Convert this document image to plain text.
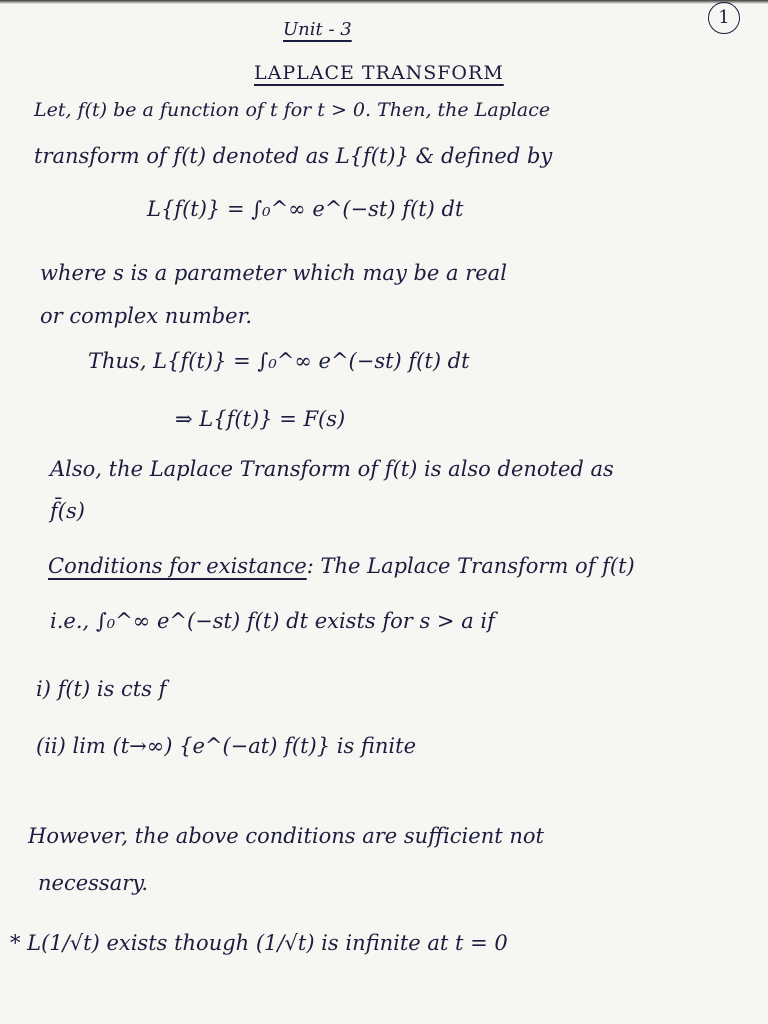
1
Unit - 3
LAPLACE TRANSFORM
Let, f(t) be a function of t for t > 0. Then, the Laplace
transform of f(t) denoted as L{f(t)} & defined by
L{f(t)} = ∫₀^∞ e^(−st) f(t) dt
where s is a parameter which may be a real
or complex number.
Thus, L{f(t)} = ∫₀^∞ e^(−st) f(t) dt
⇒ L{f(t)} = F(s)
Also, the Laplace Transform of f(t) is also denoted as
f̄(s)
Conditions for existance: The Laplace Transform of f(t)
i.e., ∫₀^∞ e^(−st) f(t) dt exists for s > a if
i) f(t) is cts f
(ii) lim (t→∞) {e^(−at) f(t)} is finite
However, the above conditions are sufficient not
necessary.
* L(1/√t) exists though (1/√t) is infinite at t = 0
